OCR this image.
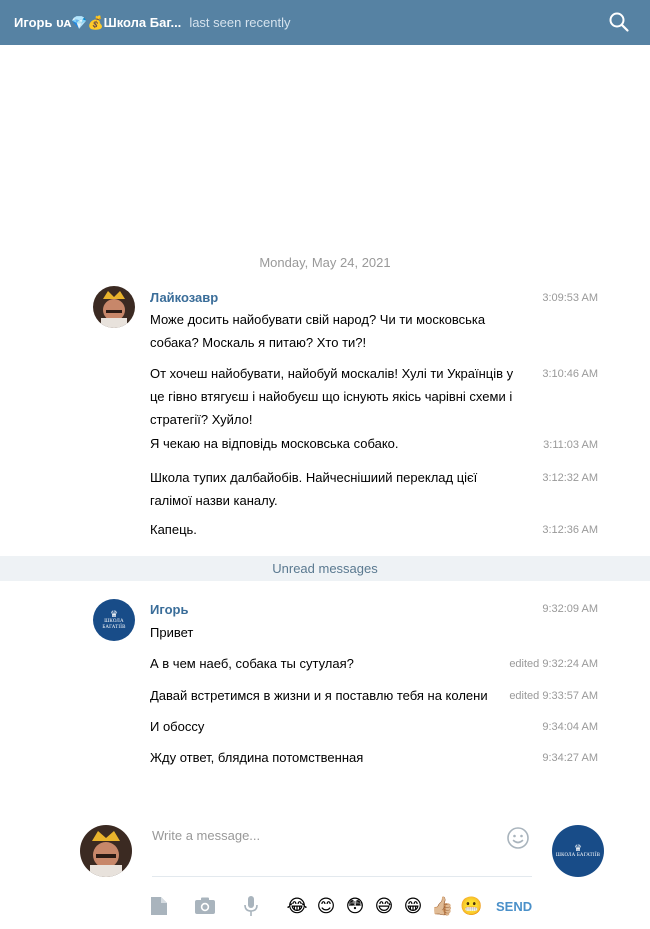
Игорь ᴜᴀ💎💰Школа Баг... last seen recently
Monday, May 24, 2021
Лайкозавр
Може досить найобувати свій народ? Чи ти московська собака? Москаль я питаю? Хто ти?!
3:09:53 AM
От хочеш найобувати, найобуй москалів! Хулі ти Українців у це гівно втягуєш і найобуєш що існують якісь чарівні схеми і стратегії? Хуйло!
3:10:46 AM
Я чекаю на відповідь московська собако.	3:11:03 AM
Школа тупих далбайобів. Найчеснішиий переклад цієї галімої назви каналу.
3:12:32 AM
Капець.	3:12:36 AM
Unread messages
♛
ШКОЛА БАГАТІЇВ
Игорь
Привет
9:32:09 AM
А в чем наеб, собака ты сутулая?	edited 9:32:24 AM
Давай встретимся в жизни и я поставлю тебя на колени	edited 9:33:57 AM
И обоссу	9:34:04 AM
Жду ответ, блядина потомственная	9:34:27 AM
Write a message...
♛
ШКОЛА БАГАТІЇВ
😂 😊 😳 😅 😁 👍🏼 😬 SEND
